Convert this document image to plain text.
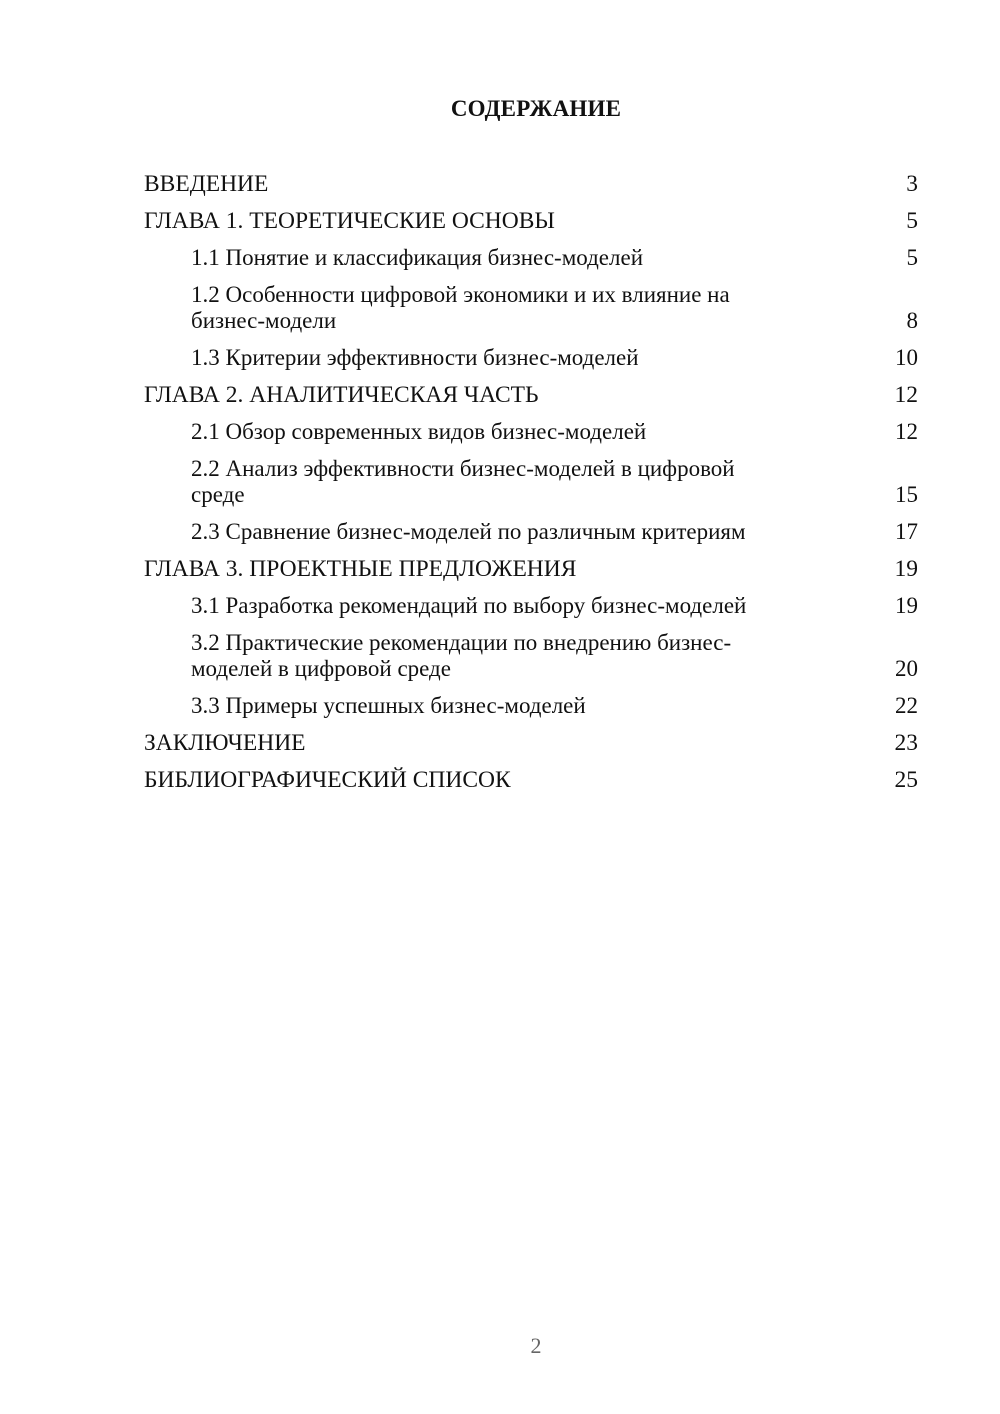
СОДЕРЖАНИЕ
ВВЕДЕНИЕ	3
ГЛАВА 1. ТЕОРЕТИЧЕСКИЕ ОСНОВЫ	5
1.1 Понятие и классификация бизнес-моделей	5
1.2 Особенности цифровой экономики и их влияние на бизнес-модели	8
1.3 Критерии эффективности бизнес-моделей	10
ГЛАВА 2. АНАЛИТИЧЕСКАЯ ЧАСТЬ	12
2.1 Обзор современных видов бизнес-моделей	12
2.2 Анализ эффективности бизнес-моделей в цифровой среде	15
2.3 Сравнение бизнес-моделей по различным критериям	17
ГЛАВА 3. ПРОЕКТНЫЕ ПРЕДЛОЖЕНИЯ	19
3.1 Разработка рекомендаций по выбору бизнес-моделей	19
3.2 Практические рекомендации по внедрению бизнес-моделей в цифровой среде	20
3.3 Примеры успешных бизнес-моделей	22
ЗАКЛЮЧЕНИЕ	23
БИБЛИОГРАФИЧЕСКИЙ СПИСОК	25
2
